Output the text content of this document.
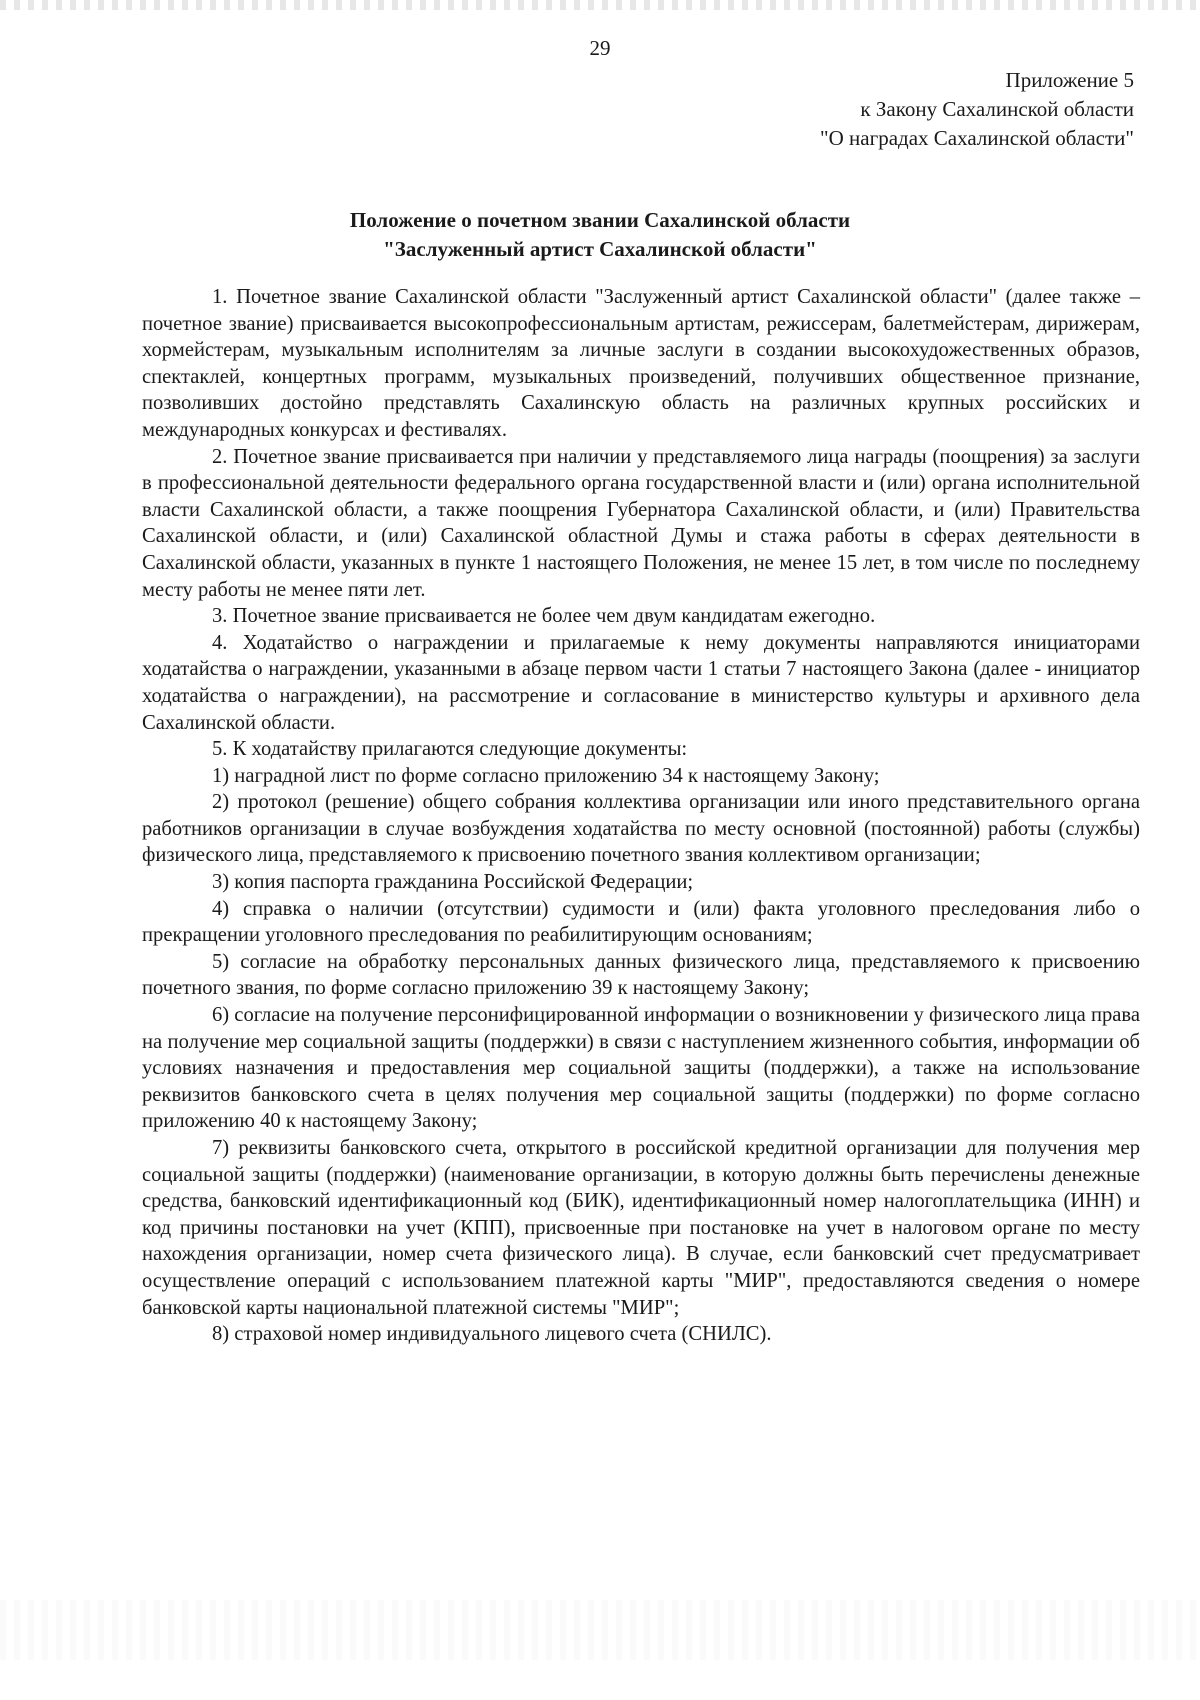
29
Приложение 5
к Закону Сахалинской области
"О наградах Сахалинской области"
Положение о почетном звании Сахалинской области
"Заслуженный артист Сахалинской области"

1. Почетное звание Сахалинской области "Заслуженный артист Сахалинской области" (далее также – почетное звание) присваивается высокопрофессиональным артистам, режиссерам, балетмейстерам, дирижерам, хормейстерам, музыкальным исполнителям за личные заслуги в создании высокохудожественных образов, спектаклей, концертных программ, музыкальных произведений, получивших общественное признание, позволивших достойно представлять Сахалинскую область на различных крупных российских и международных конкурсах и фестивалях.

2. Почетное звание присваивается при наличии у представляемого лица награды (поощрения) за заслуги в профессиональной деятельности федерального органа государственной власти и (или) органа исполнительной власти Сахалинской области, а также поощрения Губернатора Сахалинской области, и (или) Правительства Сахалинской области, и (или) Сахалинской областной Думы и стажа работы в сферах деятельности в Сахалинской области, указанных в пункте 1 настоящего Положения, не менее 15 лет, в том числе по последнему месту работы не менее пяти лет.

3. Почетное звание присваивается не более чем двум кандидатам ежегодно.

4. Ходатайство о награждении и прилагаемые к нему документы направляются инициаторами ходатайства о награждении, указанными в абзаце первом части 1 статьи 7 настоящего Закона (далее - инициатор ходатайства о награждении), на рассмотрение и согласование в министерство культуры и архивного дела Сахалинской области.

5. К ходатайству прилагаются следующие документы:

1) наградной лист по форме согласно приложению 34 к настоящему Закону;

2) протокол (решение) общего собрания коллектива организации или иного представительного органа работников организации в случае возбуждения ходатайства по месту основной (постоянной) работы (службы) физического лица, представляемого к присвоению почетного звания коллективом организации;

3) копия паспорта гражданина Российской Федерации;

4) справка о наличии (отсутствии) судимости и (или) факта уголовного преследования либо о прекращении уголовного преследования по реабилитирующим основаниям;

5) согласие на обработку персональных данных физического лица, представляемого к присвоению почетного звания, по форме согласно приложению 39 к настоящему Закону;

6) согласие на получение персонифицированной информации о возникновении у физического лица права на получение мер социальной защиты (поддержки) в связи с наступлением жизненного события, информации об условиях назначения и предоставления мер социальной защиты (поддержки), а также на использование реквизитов банковского счета в целях получения мер социальной защиты (поддержки) по форме согласно приложению 40 к настоящему Закону;

7) реквизиты банковского счета, открытого в российской кредитной организации для получения мер социальной защиты (поддержки) (наименование организации, в которую должны быть перечислены денежные средства, банковский идентификационный код (БИК), идентификационный номер налогоплательщика (ИНН) и код причины постановки на учет (КПП), присвоенные при постановке на учет в налоговом органе по месту нахождения организации, номер счета физического лица). В случае, если банковский счет предусматривает осуществление операций с использованием платежной карты "МИР", предоставляются сведения о номере банковской карты национальной платежной системы "МИР";

8) страховой номер индивидуального лицевого счета (СНИЛС).
